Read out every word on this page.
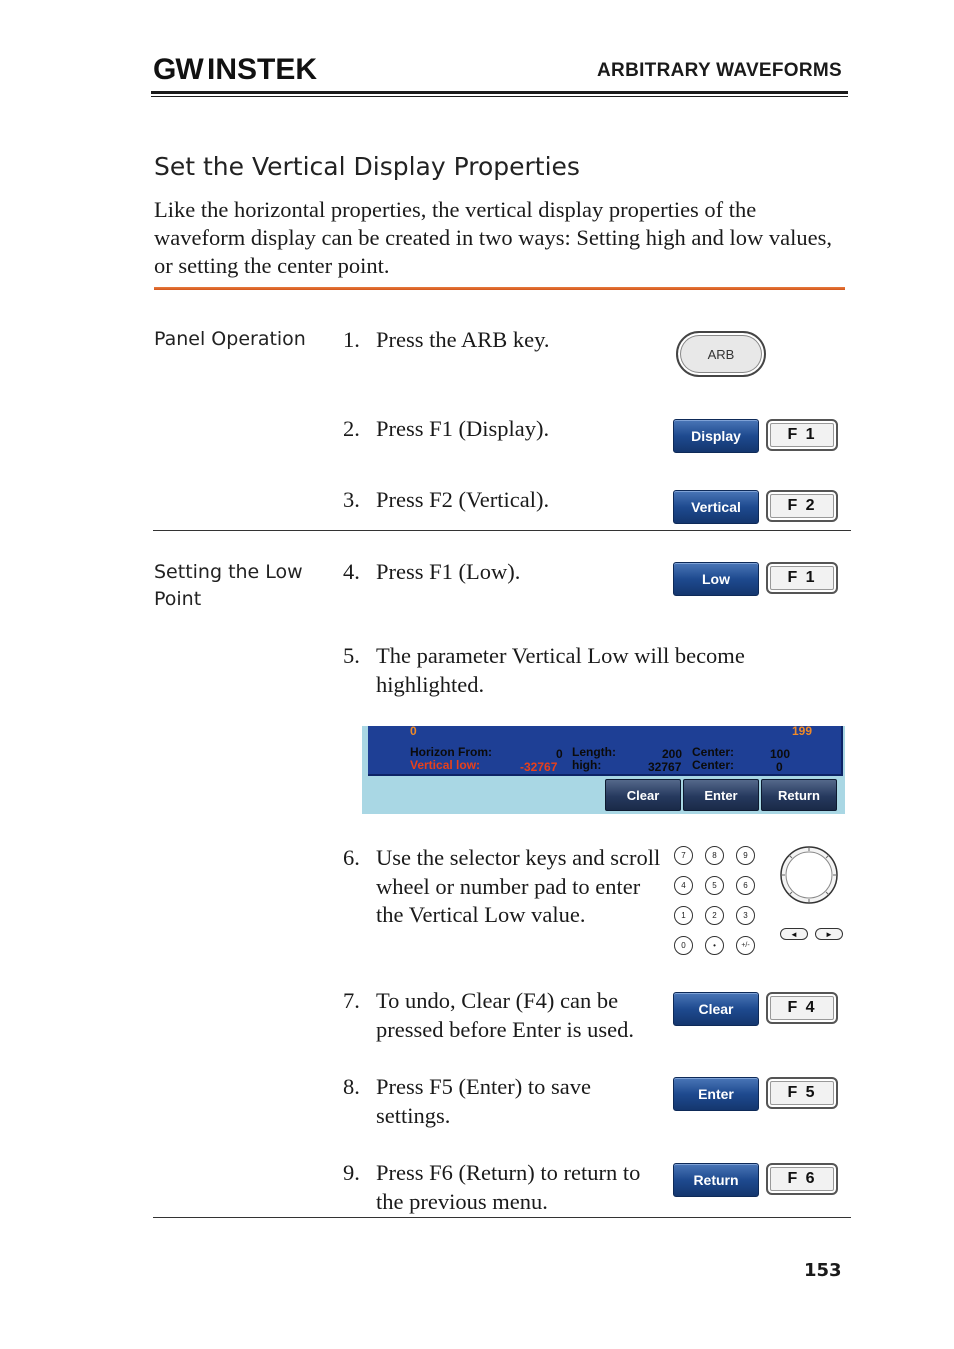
GW INSTEK	ARBITRARY WAVEFORMS
Set the Vertical Display Properties
Like the horizontal properties, the vertical display properties of the waveform display can be created in two ways: Setting high and low values, or setting the center point.
Panel Operation 1. Press the ARB key.
ARB
2. Press F1 (Display).	Display	F 1
3. Press F2 (Vertical).	Vertical	F 2
Setting the Low Point
4. Press F1 (Low).	Low	F 1
5. The parameter Vertical Low will become highlighted.
0	199
Horizon From:	0
Vertical low:	-32767
Length:	200
high:	32767
Center:	100
Center:	0
Clear	Enter	Return
6. Use the selector keys and scroll wheel or number pad to enter the Vertical Low value.
7	8	9
4	5	6
1	2	3
0	•	+/-
◄	►
7. To undo, Clear (F4) can be pressed before Enter is used.
Clear	F 4
8. Press F5 (Enter) to save settings.
Enter	F 5
9. Press F6 (Return) to return to the previous menu.
Return	F 6
153
